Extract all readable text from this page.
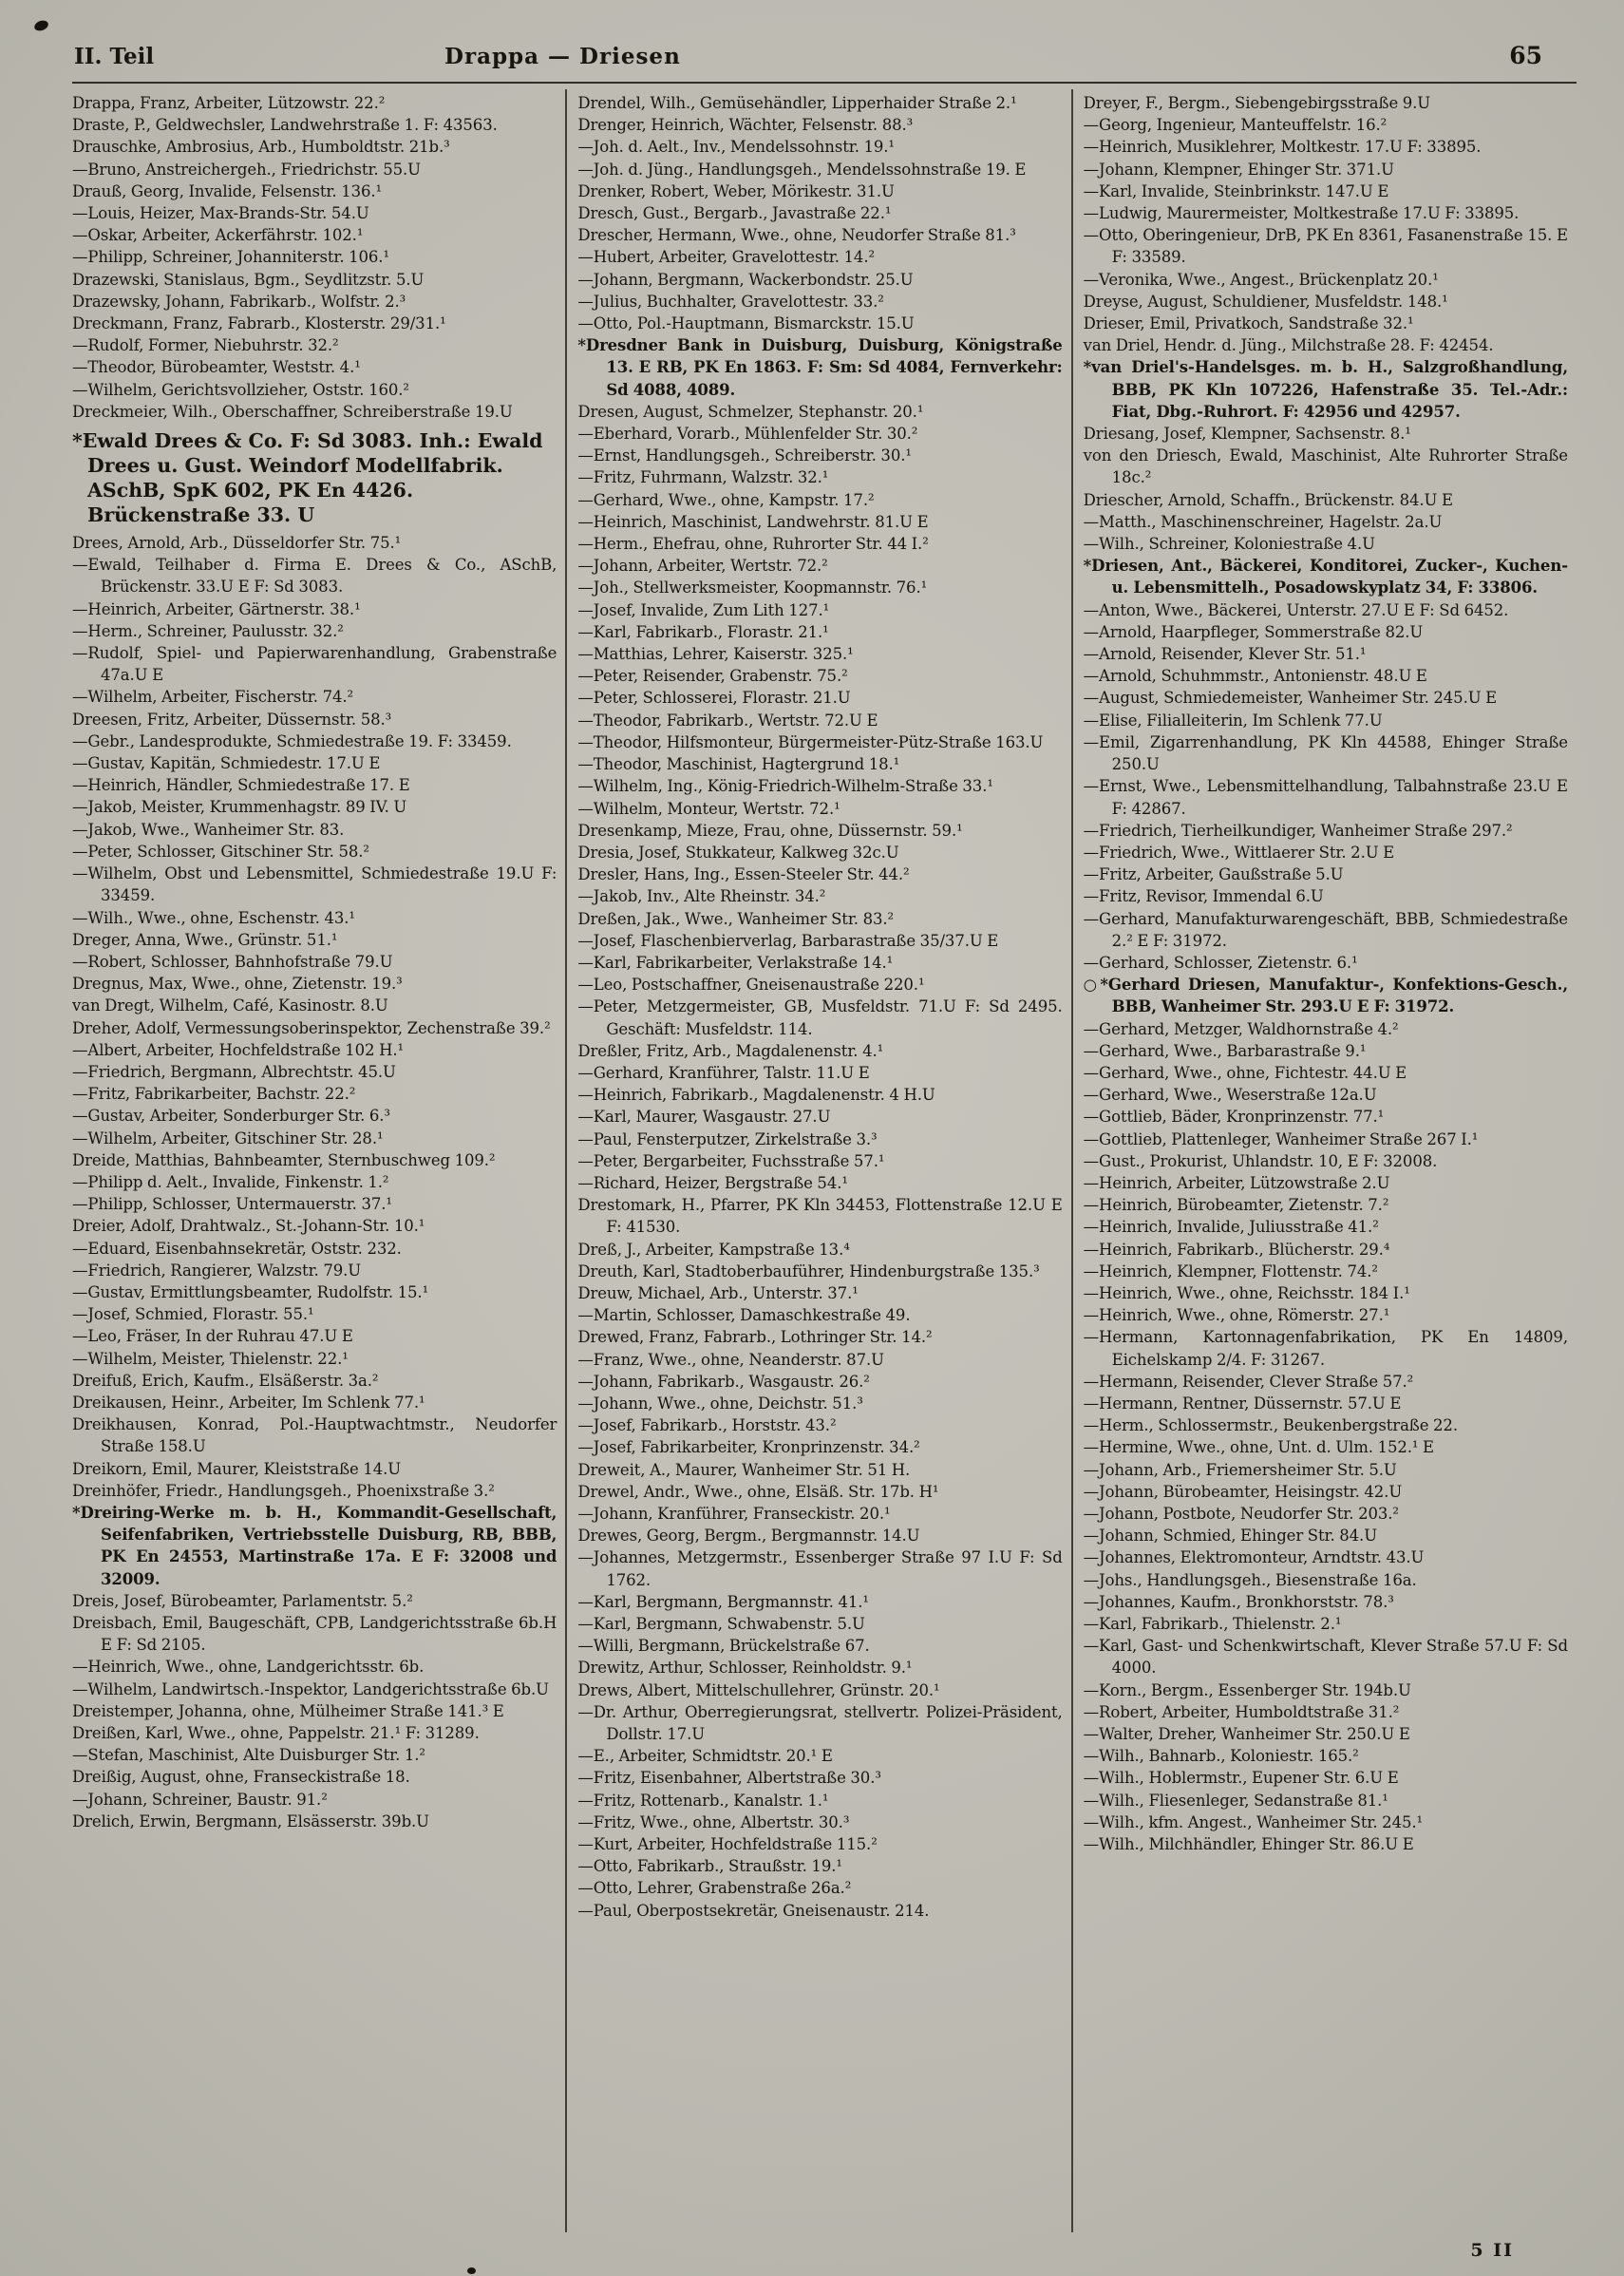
II. Teil	Drappa — Driesen	65

Drappa, Franz, Arbeiter, Lützowstr. 22.²

Draste, P., Geldwechsler, Landwehrstraße 1. F: 43563.

Drauschke, Ambrosius, Arb., Humboldtstr. 21b.³

—Bruno, Anstreichergeh., Friedrichstr. 55.U

Drauß, Georg, Invalide, Felsenstr. 136.¹

—Louis, Heizer, Max-Brands-Str. 54.U

—Oskar, Arbeiter, Ackerfährstr. 102.¹

—Philipp, Schreiner, Johanniterstr. 106.¹

Drazewski, Stanislaus, Bgm., Seydlitzstr. 5.U

Drazewsky, Johann, Fabrikarb., Wolfstr. 2.³

Dreckmann, Franz, Fabrarb., Klosterstr. 29/31.¹

—Rudolf, Former, Niebuhrstr. 32.²

—Theodor, Bürobeamter, Weststr. 4.¹

—Wilhelm, Gerichtsvollzieher, Oststr. 160.²

Dreckmeier, Wilh., Oberschaffner, Schreiberstraße 19.U

*Ewald Drees & Co. F: Sd 3083. Inh.: Ewald Drees u. Gust. Weindorf Modellfabrik. ASchB, SpK 602, PK En 4426. Brückenstraße 33. U

Drees, Arnold, Arb., Düsseldorfer Str. 75.¹

—Ewald, Teilhaber d. Firma E. Drees & Co., ASchB, Brückenstr. 33.U E F: Sd 3083.

—Heinrich, Arbeiter, Gärtnerstr. 38.¹

—Herm., Schreiner, Paulusstr. 32.²

—Rudolf, Spiel- und Papierwarenhandlung, Grabenstraße 47a.U E

—Wilhelm, Arbeiter, Fischerstr. 74.²

Dreesen, Fritz, Arbeiter, Düssernstr. 58.³

—Gebr., Landesprodukte, Schmiedestraße 19. F: 33459.

—Gustav, Kapitän, Schmiedestr. 17.U E

—Heinrich, Händler, Schmiedestraße 17. E

—Jakob, Meister, Krummenhagstr. 89 IV. U

—Jakob, Wwe., Wanheimer Str. 83.

—Peter, Schlosser, Gitschiner Str. 58.²

—Wilhelm, Obst und Lebensmittel, Schmiedestraße 19.U F: 33459.

—Wilh., Wwe., ohne, Eschenstr. 43.¹

Dreger, Anna, Wwe., Grünstr. 51.¹

—Robert, Schlosser, Bahnhofstraße 79.U

Dregnus, Max, Wwe., ohne, Zietenstr. 19.³

van Dregt, Wilhelm, Café, Kasinostr. 8.U

Dreher, Adolf, Vermessungsoberinspektor, Zechenstraße 39.²

—Albert, Arbeiter, Hochfeldstraße 102 H.¹

—Friedrich, Bergmann, Albrechtstr. 45.U

—Fritz, Fabrikarbeiter, Bachstr. 22.²

—Gustav, Arbeiter, Sonderburger Str. 6.³

—Wilhelm, Arbeiter, Gitschiner Str. 28.¹

Dreide, Matthias, Bahnbeamter, Sternbuschweg 109.²

—Philipp d. Aelt., Invalide, Finkenstr. 1.²

—Philipp, Schlosser, Untermauerstr. 37.¹

Dreier, Adolf, Drahtwalz., St.-Johann-Str. 10.¹

—Eduard, Eisenbahnsekretär, Oststr. 232.

—Friedrich, Rangierer, Walzstr. 79.U

—Gustav, Ermittlungsbeamter, Rudolfstr. 15.¹

—Josef, Schmied, Florastr. 55.¹

—Leo, Fräser, In der Ruhrau 47.U E

—Wilhelm, Meister, Thielenstr. 22.¹

Dreifuß, Erich, Kaufm., Elsäßerstr. 3a.²

Dreikausen, Heinr., Arbeiter, Im Schlenk 77.¹

Dreikhausen, Konrad, Pol.-Hauptwachtmstr., Neudorfer Straße 158.U

Dreikorn, Emil, Maurer, Kleiststraße 14.U

Dreinhöfer, Friedr., Handlungsgeh., Phoenixstraße 3.²

*Dreiring-Werke m. b. H., Kommandit-Gesellschaft, Seifenfabriken, Vertriebsstelle Duisburg, RB, BBB, PK En 24553, Martinstraße 17a. E F: 32008 und 32009.

Dreis, Josef, Bürobeamter, Parlamentstr. 5.²

Dreisbach, Emil, Baugeschäft, CPB, Landgerichtsstraße 6b.H E F: Sd 2105.

—Heinrich, Wwe., ohne, Landgerichtsstr. 6b.

—Wilhelm, Landwirtsch.-Inspektor, Landgerichtsstraße 6b.U

Dreistemper, Johanna, ohne, Mülheimer Straße 141.³ E

Dreißen, Karl, Wwe., ohne, Pappelstr. 21.¹ F: 31289.

—Stefan, Maschinist, Alte Duisburger Str. 1.²

Dreißig, August, ohne, Franseckistraße 18.

—Johann, Schreiner, Baustr. 91.²

Drelich, Erwin, Bergmann, Elsässerstr. 39b.U

Drendel, Wilh., Gemüsehändler, Lipperhaider Straße 2.¹

Drenger, Heinrich, Wächter, Felsenstr. 88.³

—Joh. d. Aelt., Inv., Mendelssohnstr. 19.¹

—Joh. d. Jüng., Handlungsgeh., Mendelssohnstraße 19. E

Drenker, Robert, Weber, Mörikestr. 31.U

Dresch, Gust., Bergarb., Javastraße 22.¹

Drescher, Hermann, Wwe., ohne, Neudorfer Straße 81.³

—Hubert, Arbeiter, Gravelottestr. 14.²

—Johann, Bergmann, Wackerbondstr. 25.U

—Julius, Buchhalter, Gravelottestr. 33.²

—Otto, Pol.-Hauptmann, Bismarckstr. 15.U

*Dresdner Bank in Duisburg, Duisburg, Königstraße 13. E RB, PK En 1863. F: Sm: Sd 4084, Fernverkehr: Sd 4088, 4089.

Dresen, August, Schmelzer, Stephanstr. 20.¹

—Eberhard, Vorarb., Mühlenfelder Str. 30.²

—Ernst, Handlungsgeh., Schreiberstr. 30.¹

—Fritz, Fuhrmann, Walzstr. 32.¹

—Gerhard, Wwe., ohne, Kampstr. 17.²

—Heinrich, Maschinist, Landwehrstr. 81.U E

—Herm., Ehefrau, ohne, Ruhrorter Str. 44 I.²

—Johann, Arbeiter, Wertstr. 72.²

—Joh., Stellwerksmeister, Koopmannstr. 76.¹

—Josef, Invalide, Zum Lith 127.¹

—Karl, Fabrikarb., Florastr. 21.¹

—Matthias, Lehrer, Kaiserstr. 325.¹

—Peter, Reisender, Grabenstr. 75.²

—Peter, Schlosserei, Florastr. 21.U

—Theodor, Fabrikarb., Wertstr. 72.U E

—Theodor, Hilfsmonteur, Bürgermeister-Pütz-Straße 163.U

—Theodor, Maschinist, Hagtergrund 18.¹

—Wilhelm, Ing., König-Friedrich-Wilhelm-Straße 33.¹

—Wilhelm, Monteur, Wertstr. 72.¹

Dresenkamp, Mieze, Frau, ohne, Düssernstr. 59.¹

Dresia, Josef, Stukkateur, Kalkweg 32c.U

Dresler, Hans, Ing., Essen-Steeler Str. 44.²

—Jakob, Inv., Alte Rheinstr. 34.²

Dreßen, Jak., Wwe., Wanheimer Str. 83.²

—Josef, Flaschenbierverlag, Barbarastraße 35/37.U E

—Karl, Fabrikarbeiter, Verlakstraße 14.¹

—Leo, Postschaffner, Gneisenaustraße 220.¹

—Peter, Metzgermeister, GB, Musfeldstr. 71.U F: Sd 2495. Geschäft: Musfeldstr. 114.

Dreßler, Fritz, Arb., Magdalenenstr. 4.¹

—Gerhard, Kranführer, Talstr. 11.U E

—Heinrich, Fabrikarb., Magdalenenstr. 4 H.U

—Karl, Maurer, Wasgaustr. 27.U

—Paul, Fensterputzer, Zirkelstraße 3.³

—Peter, Bergarbeiter, Fuchsstraße 57.¹

—Richard, Heizer, Bergstraße 54.¹

Drestomark, H., Pfarrer, PK Kln 34453, Flottenstraße 12.U E F: 41530.

Dreß, J., Arbeiter, Kampstraße 13.⁴

Dreuth, Karl, Stadtoberbauführer, Hindenburgstraße 135.³

Dreuw, Michael, Arb., Unterstr. 37.¹

—Martin, Schlosser, Damaschkestraße 49.

Drewed, Franz, Fabrarb., Lothringer Str. 14.²

—Franz, Wwe., ohne, Neanderstr. 87.U

—Johann, Fabrikarb., Wasgaustr. 26.²

—Johann, Wwe., ohne, Deichstr. 51.³

—Josef, Fabrikarb., Horststr. 43.²

—Josef, Fabrikarbeiter, Kronprinzenstr. 34.²

Dreweit, A., Maurer, Wanheimer Str. 51 H.

Drewel, Andr., Wwe., ohne, Elsäß. Str. 17b. H¹

—Johann, Kranführer, Franseckistr. 20.¹

Drewes, Georg, Bergm., Bergmannstr. 14.U

—Johannes, Metzgermstr., Essenberger Straße 97 I.U F: Sd 1762.

—Karl, Bergmann, Bergmannstr. 41.¹

—Karl, Bergmann, Schwabenstr. 5.U

—Willi, Bergmann, Brückelstraße 67.

Drewitz, Arthur, Schlosser, Reinholdstr. 9.¹

Drews, Albert, Mittelschullehrer, Grünstr. 20.¹

—Dr. Arthur, Oberregierungsrat, stellvertr. Polizei-Präsident, Dollstr. 17.U

—E., Arbeiter, Schmidtstr. 20.¹ E

—Fritz, Eisenbahner, Albertstraße 30.³

—Fritz, Rottenarb., Kanalstr. 1.¹

—Fritz, Wwe., ohne, Albertstr. 30.³

—Kurt, Arbeiter, Hochfeldstraße 115.²

—Otto, Fabrikarb., Straußstr. 19.¹

—Otto, Lehrer, Grabenstraße 26a.²

—Paul, Oberpostsekretär, Gneisenaustr. 214.

Dreyer, F., Bergm., Siebengebirgsstraße 9.U

—Georg, Ingenieur, Manteuffelstr. 16.²

—Heinrich, Musiklehrer, Moltkestr. 17.U F: 33895.

—Johann, Klempner, Ehinger Str. 371.U

—Karl, Invalide, Steinbrinkstr. 147.U E

—Ludwig, Maurermeister, Moltkestraße 17.U F: 33895.

—Otto, Oberingenieur, DrB, PK En 8361, Fasanenstraße 15. E F: 33589.

—Veronika, Wwe., Angest., Brückenplatz 20.¹

Dreyse, August, Schuldiener, Musfeldstr. 148.¹

Drieser, Emil, Privatkoch, Sandstraße 32.¹

van Driel, Hendr. d. Jüng., Milchstraße 28. F: 42454.

*van Driel's-Handelsges. m. b. H., Salzgroßhandlung, BBB, PK Kln 107226, Hafenstraße 35. Tel.-Adr.: Fiat, Dbg.-Ruhrort. F: 42956 und 42957.

Driesang, Josef, Klempner, Sachsenstr. 8.¹

von den Driesch, Ewald, Maschinist, Alte Ruhrorter Straße 18c.²

Driescher, Arnold, Schaffn., Brückenstr. 84.U E

—Matth., Maschinenschreiner, Hagelstr. 2a.U

—Wilh., Schreiner, Koloniestraße 4.U

*Driesen, Ant., Bäckerei, Konditorei, Zucker-, Kuchen- u. Lebensmittelh., Posadowskyplatz 34, F: 33806.

—Anton, Wwe., Bäckerei, Unterstr. 27.U E F: Sd 6452.

—Arnold, Haarpfleger, Sommerstraße 82.U

—Arnold, Reisender, Klever Str. 51.¹

—Arnold, Schuhmmstr., Antonienstr. 48.U E

—August, Schmiedemeister, Wanheimer Str. 245.U E

—Elise, Filialleiterin, Im Schlenk 77.U

—Emil, Zigarrenhandlung, PK Kln 44588, Ehinger Straße 250.U

—Ernst, Wwe., Lebensmittelhandlung, Talbahnstraße 23.U E F: 42867.

—Friedrich, Tierheilkundiger, Wanheimer Straße 297.²

—Friedrich, Wwe., Wittlaerer Str. 2.U E

—Fritz, Arbeiter, Gaußstraße 5.U

—Fritz, Revisor, Immendal 6.U

—Gerhard, Manufakturwarengeschäft, BBB, Schmiedestraße 2.² E F: 31972.

—Gerhard, Schlosser, Zietenstr. 6.¹

○*Gerhard Driesen, Manufaktur-, Konfektions-Gesch., BBB, Wanheimer Str. 293.U E F: 31972.

—Gerhard, Metzger, Waldhornstraße 4.²

—Gerhard, Wwe., Barbarastraße 9.¹

—Gerhard, Wwe., ohne, Fichtestr. 44.U E

—Gerhard, Wwe., Weserstraße 12a.U

—Gottlieb, Bäder, Kronprinzenstr. 77.¹

—Gottlieb, Plattenleger, Wanheimer Straße 267 I.¹

—Gust., Prokurist, Uhlandstr. 10, E F: 32008.

—Heinrich, Arbeiter, Lützowstraße 2.U

—Heinrich, Bürobeamter, Zietenstr. 7.²

—Heinrich, Invalide, Juliusstraße 41.²

—Heinrich, Fabrikarb., Blücherstr. 29.⁴

—Heinrich, Klempner, Flottenstr. 74.²

—Heinrich, Wwe., ohne, Reichsstr. 184 I.¹

—Heinrich, Wwe., ohne, Römerstr. 27.¹

—Hermann, Kartonnagenfabrikation, PK En 14809, Eichelskamp 2/4. F: 31267.

—Hermann, Reisender, Clever Straße 57.²

—Hermann, Rentner, Düssernstr. 57.U E

—Herm., Schlossermstr., Beukenbergstraße 22.

—Hermine, Wwe., ohne, Unt. d. Ulm. 152.¹ E

—Johann, Arb., Friemersheimer Str. 5.U

—Johann, Bürobeamter, Heisingstr. 42.U

—Johann, Postbote, Neudorfer Str. 203.²

—Johann, Schmied, Ehinger Str. 84.U

—Johannes, Elektromonteur, Arndtstr. 43.U

—Johs., Handlungsgeh., Biesenstraße 16a.

—Johannes, Kaufm., Bronkhorststr. 78.³

—Karl, Fabrikarb., Thielenstr. 2.¹

—Karl, Gast- und Schenkwirtschaft, Klever Straße 57.U F: Sd 4000.

—Korn., Bergm., Essenberger Str. 194b.U

—Robert, Arbeiter, Humboldtstraße 31.²

—Walter, Dreher, Wanheimer Str. 250.U E

—Wilh., Bahnarb., Koloniestr. 165.²

—Wilh., Hoblermstr., Eupener Str. 6.U E

—Wilh., Fliesenleger, Sedanstraße 81.¹

—Wilh., kfm. Angest., Wanheimer Str. 245.¹

—Wilh., Milchhändler, Ehinger Str. 86.U E

5 II
